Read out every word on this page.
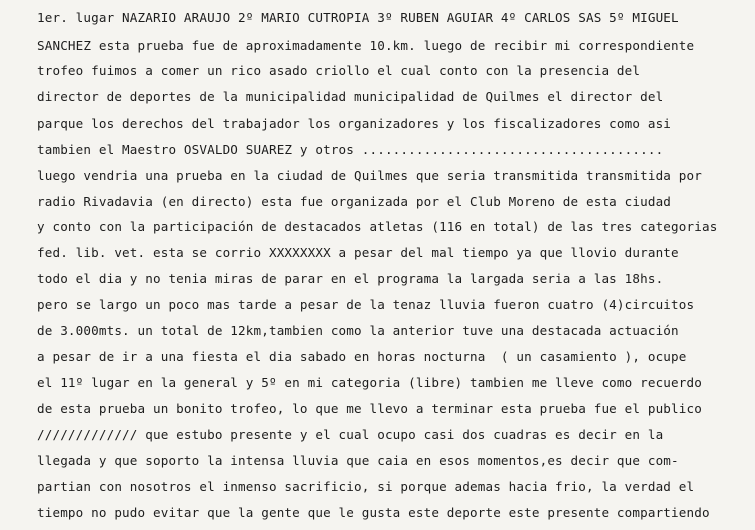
1er. lugar NAZARIO ARAUJO 2º MARIO CUTROPIA 3º RUBEN AGUIAR 4º CARLOS SAS 5º MIGUEL
SANCHEZ esta prueba fue de aproximadamente 10.km. luego de recibir mi correspondiente
trofeo fuimos a comer un rico asado criollo el cual conto con la presencia del
director de deportes de la municipalidad municipalidad de Quilmes el director del
parque los derechos del trabajador los organizadores y los fiscalizadores como asi
tambien el Maestro OSVALDO SUAREZ y otros .......................................
luego vendria una prueba en la ciudad de Quilmes que seria transmitida transmitida por
radio Rivadavia (en directo) esta fue organizada por el Club Moreno de esta ciudad
y conto con la participación de destacados atletas (116 en total) de las tres categorias
fed. lib. vet. esta se corrio XXXXXXXX a pesar del mal tiempo ya que llovio durante
todo el dia y no tenia miras de parar en el programa la largada seria a las 18hs.
pero se largo un poco mas tarde a pesar de la tenaz lluvia fueron cuatro (4)circuitos
de 3.000mts. un total de 12km,tambien como la anterior tuve una destacada actuación
a pesar de ir a una fiesta el dia sabado en horas nocturna  ( un casamiento ), ocupe
el 11º lugar en la general y 5º en mi categoria (libre) tambien me lleve como recuerdo
de esta prueba un bonito trofeo, lo que me llevo a terminar esta prueba fue el publico
///////////// que estubo presente y el cual ocupo casi dos cuadras es decir en la
llegada y que soporto la intensa lluvia que caia en esos momentos,es decir que com-
partian con nosotros el inmenso sacrificio, si porque ademas hacia frio, la verdad el
tiempo no pudo evitar que la gente que le gusta este deporte este presente compartiendo
